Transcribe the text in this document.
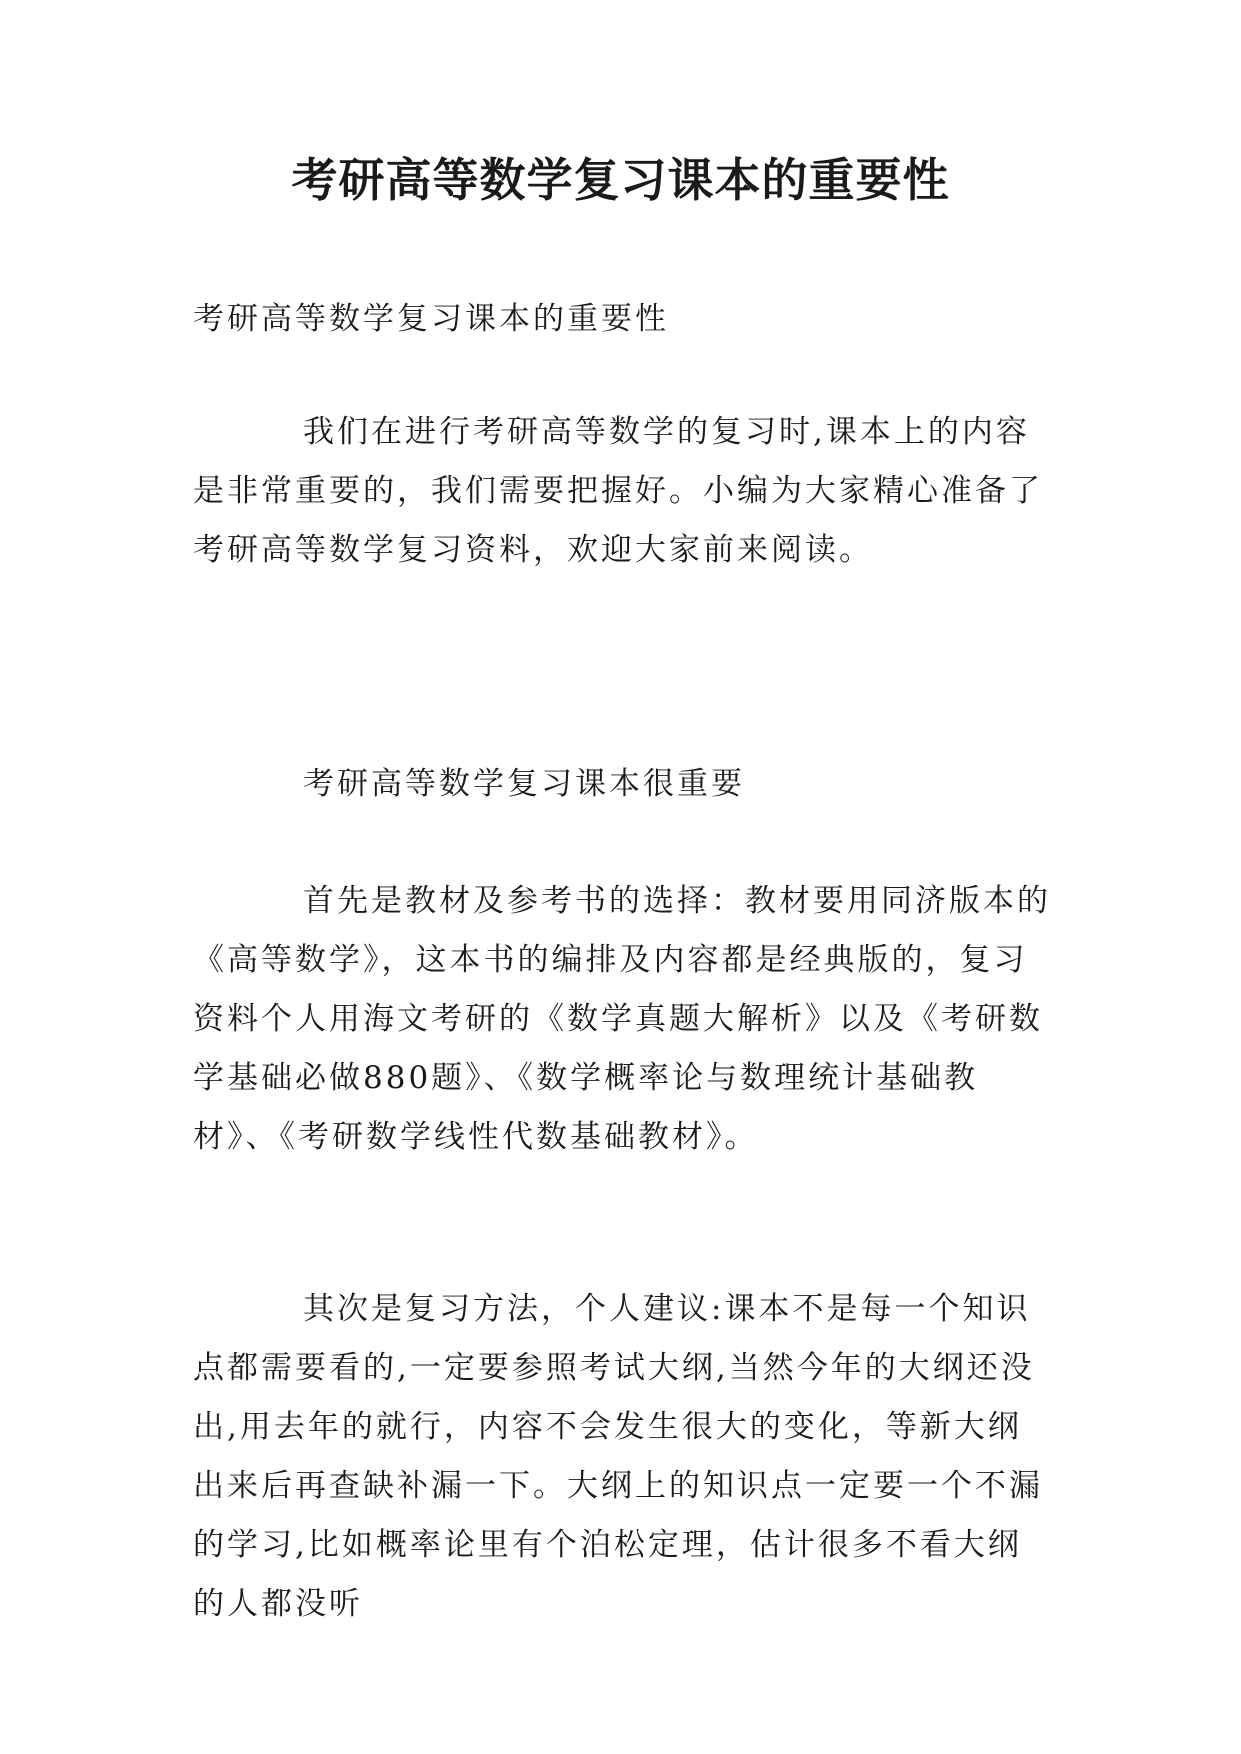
考研高等数学复习课本的重要性

考研高等数学复习课本的重要性

我们在进行考研高等数学的复习时,课本上的内容是非常重要的，我们需要把握好。小编为大家精心准备了考研高等数学复习资料，欢迎大家前来阅读。

考研高等数学复习课本很重要

首先是教材及参考书的选择：教材要用同济版本的《高等数学》，这本书的编排及内容都是经典版的，复习资料个人用海文考研的《数学真题大解析》以及《考研数学基础必做880题》、《数学概率论与数理统计基础教材》、《考研数学线性代数基础教材》。

其次是复习方法，个人建议:课本不是每一个知识点都需要看的,一定要参照考试大纲,当然今年的大纲还没出,用去年的就行，内容不会发生很大的变化，等新大纲出来后再查缺补漏一下。大纲上的知识点一定要一个不漏的学习,比如概率论里有个泊松定理，估计很多不看大纲的人都没听
